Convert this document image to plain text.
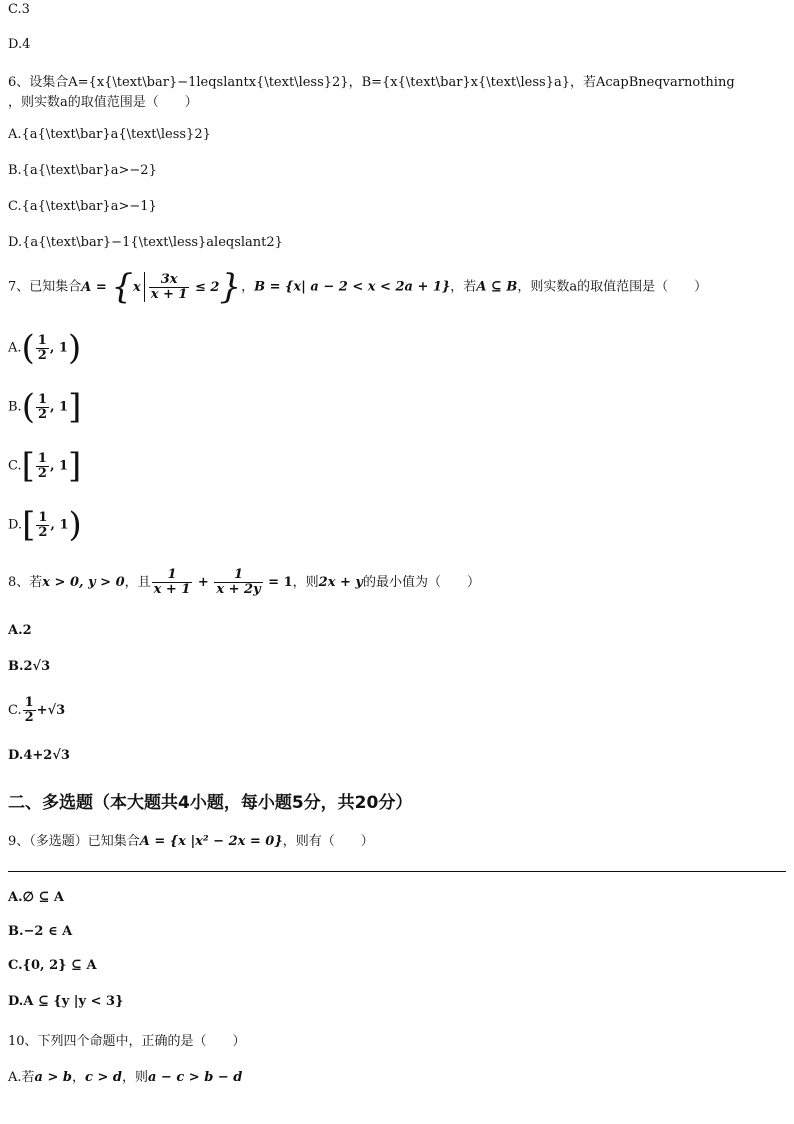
C.3
D.4
6、设集合A={x{\text\bar}−1leqslantx{\text\less}2}，B={x{\text\bar}x{\text\less}a}，若AcapBneqvarnothing
，则实数a的取值范围是（　　）
A.{a{\text\bar}a{\text\less}2}
B.{a{\text\bar}a>−2}
C.{a{\text\bar}a>−1}
D.{a{\text\bar}−1{\text\less}aleqslant2}
7、已知集合$A = \{x \frac{3x}{x + 1} \le 2\}$，B = {x| a − 2 < x < 2a + 1}，若A ⊆ B，则实数a的取值范围是（　　）
$A.( \frac{1}{2}$ , 1)
$B.( \frac{1}{2}$ , 1]
$C.[ \frac{1}{2}$ , 1]
$D.[ \frac{1}{2}$ , 1)
8、若x > 0, y > 0，且 $\frac{1}{x + 1} + \frac{1}{x + 2y} = 1$，则2x + y的最小值为（　　）
A.2
B.2√3
C. $\frac{1}{2} +√3$
D.4+2√3
二、多选题（本大题共4小题，每小题5分，共20分）
9、（多选题）已知集合A = {x |x² − 2x = 0}，则有（　　）
A.∅ ⊆ A
B.−2 ∈ A
C.{0, 2} ⊆ A
D.A ⊆ {y |y < 3}
10、下列四个命题中，正确的是（　　）
A.若a > b，c > d，则a − c > b − d
